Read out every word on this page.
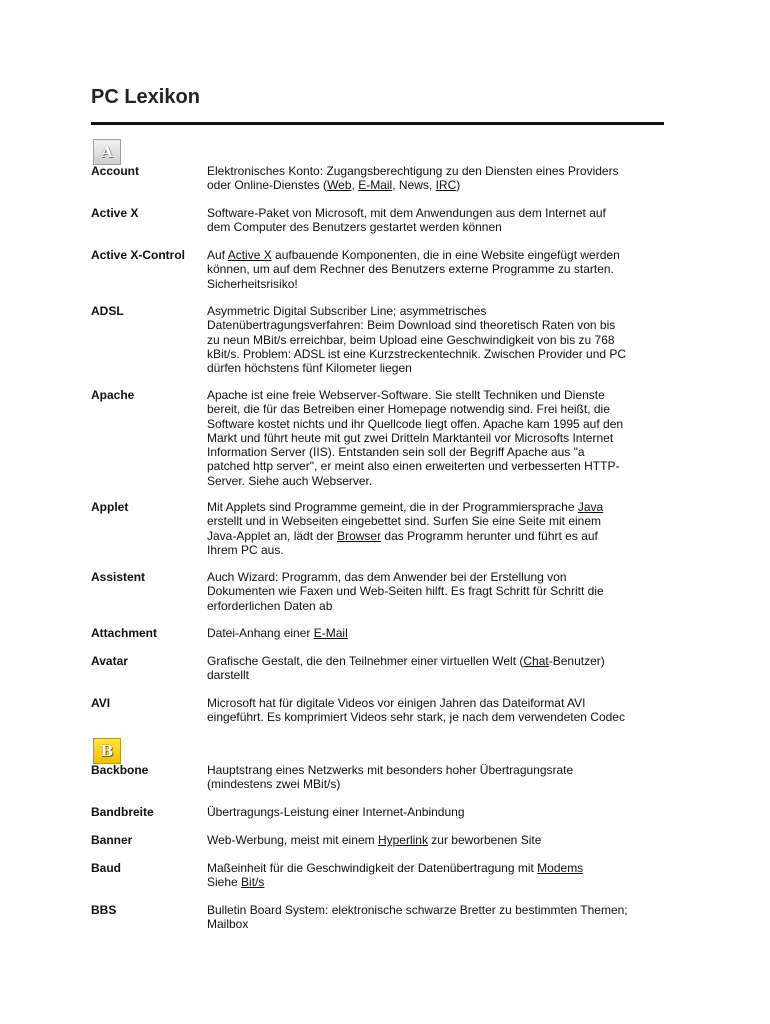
PC Lexikon
A
B
Account	Elektronisches Konto: Zugangsberechtigung zu den Diensten eines Providers
oder Online-Dienstes (Web, E-Mail, News, IRC)
Active X	Software-Paket von Microsoft, mit dem Anwendungen aus dem Internet auf
dem Computer des Benutzers gestartet werden können
Active X-Control	Auf Active X aufbauende Komponenten, die in eine Website eingefügt werden
können, um auf dem Rechner des Benutzers externe Programme zu starten.
Sicherheitsrisiko!
ADSL	Asymmetric Digital Subscriber Line; asymmetrisches
Datenübertragungsverfahren: Beim Download sind theoretisch Raten von bis
zu neun MBit/s erreichbar, beim Upload eine Geschwindigkeit von bis zu 768
kBit/s. Problem: ADSL ist eine Kurzstreckentechnik. Zwischen Provider und PC
dürfen höchstens fünf Kilometer liegen
Apache	Apache ist eine freie Webserver-Software. Sie stellt Techniken und Dienste
bereit, die für das Betreiben einer Homepage notwendig sind. Frei heißt, die
Software kostet nichts und ihr Quellcode liegt offen. Apache kam 1995 auf den
Markt und führt heute mit gut zwei Dritteln Marktanteil vor Microsofts Internet
Information Server (IIS). Entstanden sein soll der Begriff Apache aus "a
patched http server", er meint also einen erweiterten und verbesserten HTTP-
Server. Siehe auch Webserver.
Applet	Mit Applets sind Programme gemeint, die in der Programmiersprache Java
erstellt und in Webseiten eingebettet sind. Surfen Sie eine Seite mit einem
Java-Applet an, lädt der Browser das Programm herunter und führt es auf
Ihrem PC aus.
Assistent	Auch Wizard: Programm, das dem Anwender bei der Erstellung von
Dokumenten wie Faxen und Web-Seiten hilft. Es fragt Schritt für Schritt die
erforderlichen Daten ab
Attachment	Datei-Anhang einer E-Mail
Avatar	Grafische Gestalt, die den Teilnehmer einer virtuellen Welt (Chat-Benutzer)
darstellt
AVI	Microsoft hat für digitale Videos vor einigen Jahren das Dateiformat AVI
eingeführt. Es komprimiert Videos sehr stark, je nach dem verwendeten Codec
Backbone	Hauptstrang eines Netzwerks mit besonders hoher Übertragungsrate
(mindestens zwei MBit/s)
Bandbreite	Übertragungs-Leistung einer Internet-Anbindung
Banner	Web-Werbung, meist mit einem Hyperlink zur beworbenen Site
Baud	Maßeinheit für die Geschwindigkeit der Datenübertragung mit Modems
Siehe Bit/s
BBS	Bulletin Board System: elektronische schwarze Bretter zu bestimmten Themen;
Mailbox
